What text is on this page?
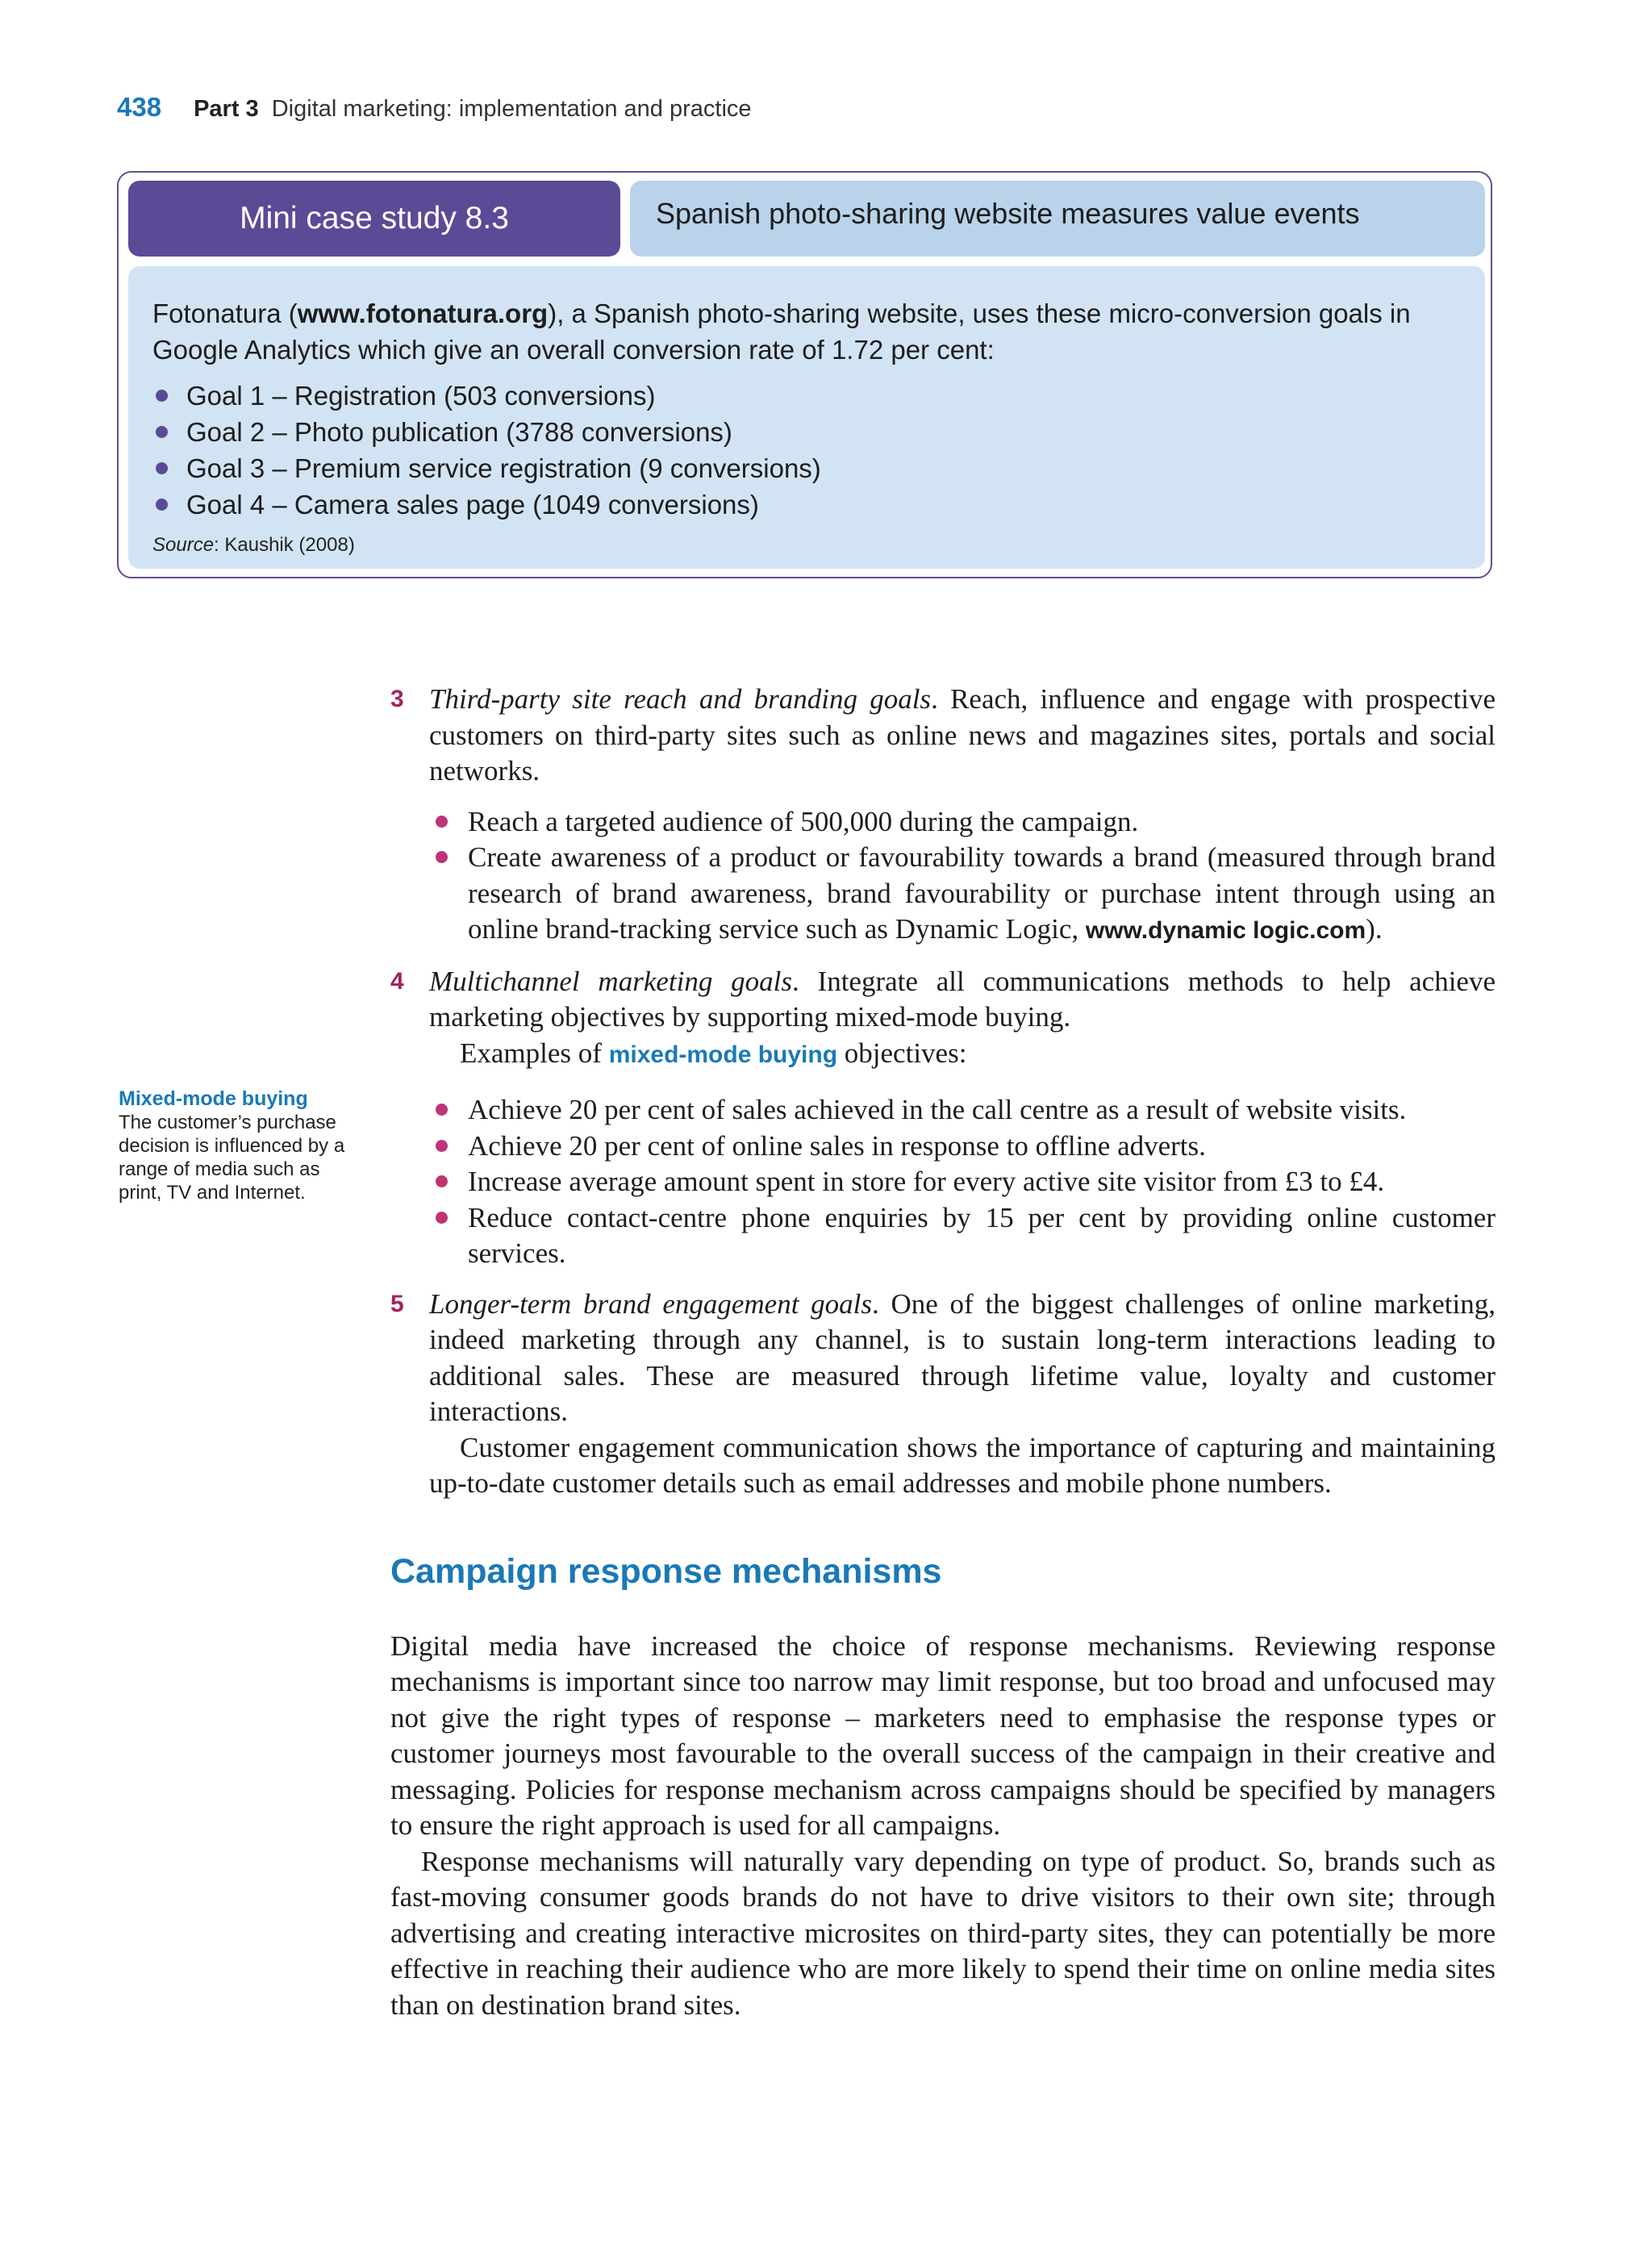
438 Part 3 Digital marketing: implementation and practice
Mini case study 8.3	Spanish photo-sharing website measures value events

Fotonatura (www.fotonatura.org), a Spanish photo-sharing website, uses these micro-conversion goals in Google Analytics which give an overall conversion rate of 1.72 per cent:

Goal 1 – Registration (503 conversions)
Goal 2 – Photo publication (3788 conversions)
Goal 3 – Premium service registration (9 conversions)
Goal 4 – Camera sales page (1049 conversions)
Source: Kaushik (2008)
Mixed-mode buying
The customer’s purchase decision is influenced by a range of media such as print, TV and Internet.
3 Third-party site reach and branding goals. Reach, influence and engage with prospective customers on third-party sites such as online news and magazines sites, portals and social networks.

Reach a targeted audience of 500,000 during the campaign.
Create awareness of a product or favourability towards a brand (measured through brand research of brand awareness, brand favourability or purchase intent through using an online brand-tracking service such as Dynamic Logic, www.dynamic logic.com).
4 Multichannel marketing goals. Integrate all communications methods to help achieve marketing objectives by supporting mixed-mode buying.

Examples of mixed-mode buying objectives:

Achieve 20 per cent of sales achieved in the call centre as a result of website visits.
Achieve 20 per cent of online sales in response to offline adverts.
Increase average amount spent in store for every active site visitor from £3 to £4.
Reduce contact-centre phone enquiries by 15 per cent by providing online customer services.
5 Longer-term brand engagement goals. One of the biggest challenges of online marketing, indeed marketing through any channel, is to sustain long-term interactions leading to additional sales. These are measured through lifetime value, loyalty and customer interactions.

Customer engagement communication shows the importance of capturing and maintaining up-to-date customer details such as email addresses and mobile phone numbers.

Campaign response mechanisms

Digital media have increased the choice of response mechanisms. Reviewing response mechanisms is important since too narrow may limit response, but too broad and unfocused may not give the right types of response – marketers need to emphasise the response types or customer journeys most favourable to the overall success of the campaign in their creative and messaging. Policies for response mechanism across campaigns should be specified by managers to ensure the right approach is used for all campaigns.

Response mechanisms will naturally vary depending on type of product. So, brands such as fast-moving consumer goods brands do not have to drive visitors to their own site; through advertising and creating interactive microsites on third-party sites, they can potentially be more effective in reaching their audience who are more likely to spend their time on online media sites than on destination brand sites.
